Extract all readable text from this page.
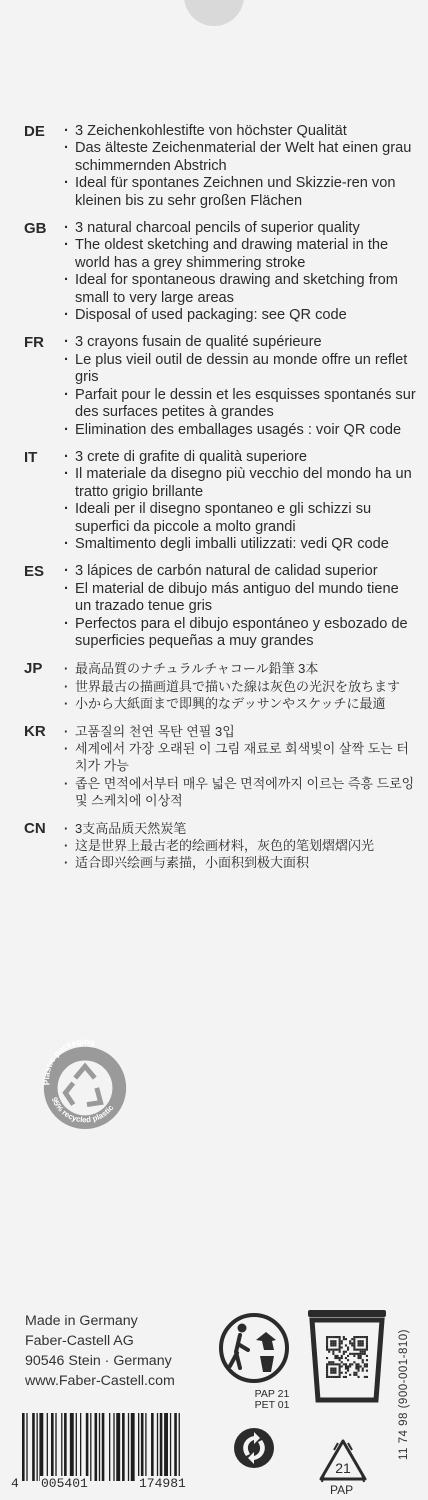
DE	· 3 Zeichenkohlestifte von höchster Qualität
· Das älteste Zeichenmaterial der Welt hat einen grau schimmernden Abstrich
· Ideal für spontanes Zeichnen und Skizzie-ren von kleinen bis zu sehr großen Flächen
GB	· 3 natural charcoal pencils of superior quality
· The oldest sketching and drawing material in the world has a grey shimmering stroke
· Ideal for spontaneous drawing and sketching from small to very large areas
· Disposal of used packaging: see QR code
FR	· 3 crayons fusain de qualité supérieure
· Le plus vieil outil de dessin au monde offre un reflet gris
· Parfait pour le dessin et les esquisses spontanés sur des surfaces petites à grandes
· Elimination des emballages usagés : voir QR code
IT	· 3 crete di grafite di qualità superiore
· Il materiale da disegno più vecchio del mondo ha un tratto grigio brillante
· Ideali per il disegno spontaneo e gli schizzi su superfici da piccole a molto grandi
· Smaltimento degli imballi utilizzati: vedi QR code
ES	· 3 lápices de carbón natural de calidad superior
· El material de dibujo más antiguo del mundo tiene un trazado tenue gris
· Perfectos para el dibujo espontáneo y esbozado de superficies pequeñas a muy grandes
JP	· 最高品質のナチュラルチャコール鉛筆 3本
· 世界最古の描画道具で描いた線は灰色の光沢を放ちます
· 小から大紙面まで即興的なデッサンやスケッチに最適
KR	· 고품질의 천연 목탄 연필 3입
· 세계에서 가장 오래된 이 그림 재료로 회색빛이 살짝 도는 터치가 가능
· 좁은 면적에서부터 매우 넓은 면적에까지 이르는 즉흥 드로잉 및 스케치에 이상적
CN	· 3支高品质天然炭笔
· 这是世界上最古老的绘画材料，灰色的笔划熠熠闪光
· 适合即兴绘画与素描，小面积到极大面积
Plastic packaging
95% recycled plastic
Made in Germany
Faber-Castell AG
90546 Stein · Germany
www.Faber-Castell.com
PAP 21
PET 01	11 74 98 (900-001-810)
4 005401	174981
21
PAP
